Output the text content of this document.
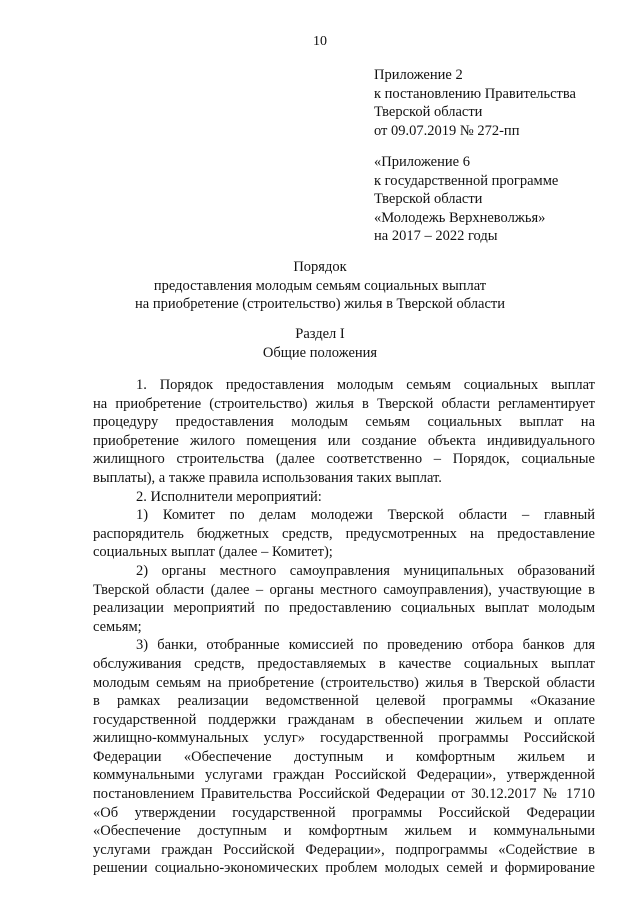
10
Приложение 2
к постановлению Правительства
Тверской области
от 09.07.2019 № 272-пп
«Приложение 6
к государственной программе
Тверской области
«Молодежь Верхневолжья»
на 2017 – 2022 годы
Порядок
предоставления молодым семьям социальных выплат
на приобретение (строительство) жилья в Тверской области
Раздел I
Общие положения
1. Порядок предоставления молодым семьям социальных выплат
на приобретение (строительство) жилья в Тверской области регламентирует
процедуру предоставления молодым семьям социальных выплат на
приобретение жилого помещения или создание объекта индивидуального
жилищного строительства (далее соответственно – Порядок, социальные
выплаты), а также правила использования таких выплат.
2. Исполнители мероприятий:
1) Комитет по делам молодежи Тверской области – главный
распорядитель бюджетных средств, предусмотренных на предоставление
социальных выплат (далее – Комитет);
2) органы местного самоуправления муниципальных образований
Тверской области (далее – органы местного самоуправления), участвующие в
реализации мероприятий по предоставлению социальных выплат молодым
семьям;
3) банки, отобранные комиссией по проведению отбора банков для
обслуживания средств, предоставляемых в качестве социальных выплат
молодым семьям на приобретение (строительство) жилья в Тверской области
в рамках реализации ведомственной целевой программы «Оказание
государственной поддержки гражданам в обеспечении жильем и оплате
жилищно-коммунальных услуг» государственной программы Российской
Федерации «Обеспечение доступным и комфортным жильем и
коммунальными услугами граждан Российской Федерации», утвержденной
постановлением Правительства Российской Федерации от 30.12.2017 № 1710
«Об утверждении государственной программы Российской Федерации
«Обеспечение доступным и комфортным жильем и коммунальными
услугами граждан Российской Федерации», подпрограммы «Содействие в
решении социально-экономических проблем молодых семей и формирование
